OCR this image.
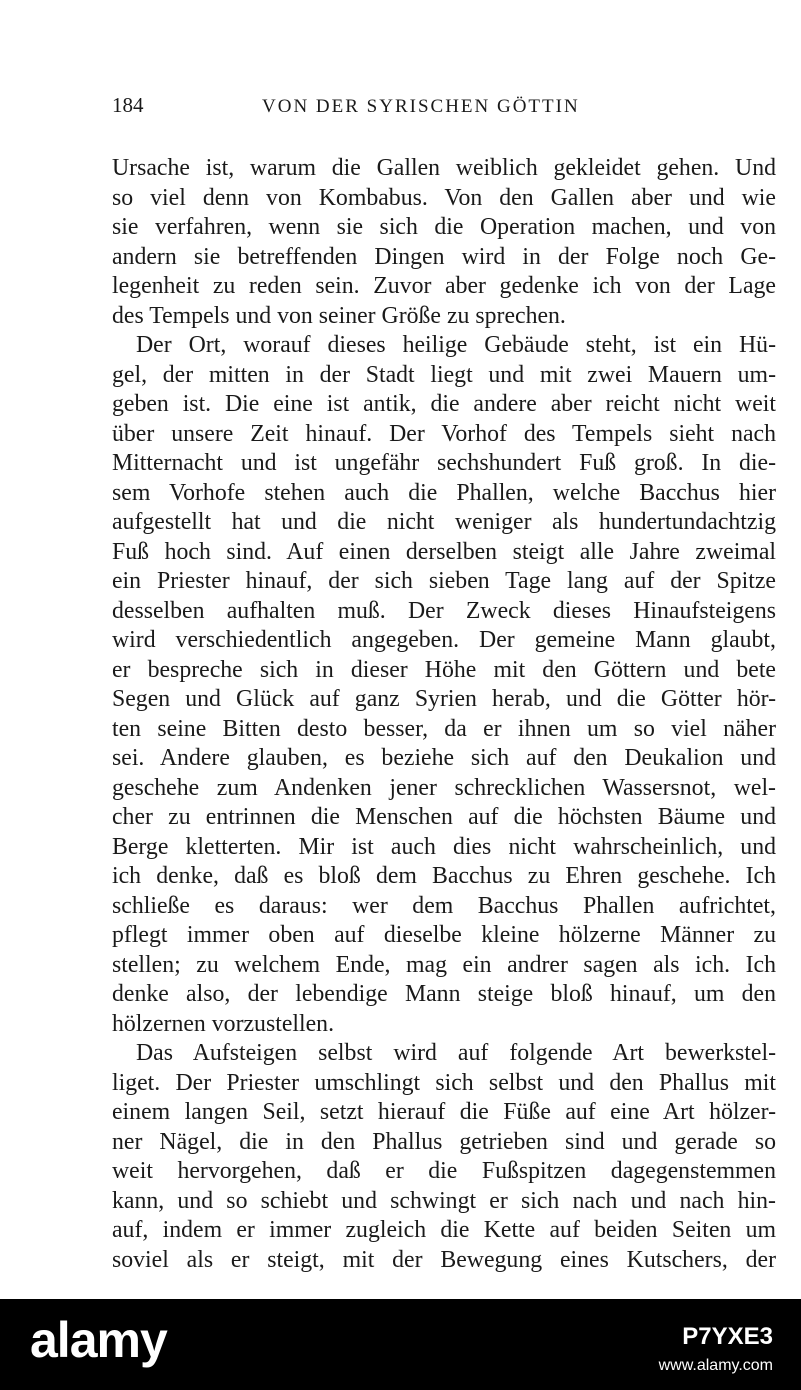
184	VON DER SYRISCHEN GÖTTIN
Ursache ist, warum die Gallen weiblich gekleidet gehen. Und
so viel denn von Kombabus. Von den Gallen aber und wie
sie verfahren, wenn sie sich die Operation machen, und von
andern sie betreffenden Dingen wird in der Folge noch Ge-
legenheit zu reden sein. Zuvor aber gedenke ich von der Lage
des Tempels und von seiner Größe zu sprechen.
Der Ort, worauf dieses heilige Gebäude steht, ist ein Hü-
gel, der mitten in der Stadt liegt und mit zwei Mauern um-
geben ist. Die eine ist antik, die andere aber reicht nicht weit
über unsere Zeit hinauf. Der Vorhof des Tempels sieht nach
Mitternacht und ist ungefähr sechshundert Fuß groß. In die-
sem Vorhofe stehen auch die Phallen, welche Bacchus hier
aufgestellt hat und die nicht weniger als hundertundachtzig
Fuß hoch sind. Auf einen derselben steigt alle Jahre zweimal
ein Priester hinauf, der sich sieben Tage lang auf der Spitze
desselben aufhalten muß. Der Zweck dieses Hinaufsteigens
wird verschiedentlich angegeben. Der gemeine Mann glaubt,
er bespreche sich in dieser Höhe mit den Göttern und bete
Segen und Glück auf ganz Syrien herab, und die Götter hör-
ten seine Bitten desto besser, da er ihnen um so viel näher
sei. Andere glauben, es beziehe sich auf den Deukalion und
geschehe zum Andenken jener schrecklichen Wassersnot, wel-
cher zu entrinnen die Menschen auf die höchsten Bäume und
Berge kletterten. Mir ist auch dies nicht wahrscheinlich, und
ich denke, daß es bloß dem Bacchus zu Ehren geschehe. Ich
schließe es daraus: wer dem Bacchus Phallen aufrichtet,
pflegt immer oben auf dieselbe kleine hölzerne Männer zu
stellen; zu welchem Ende, mag ein andrer sagen als ich. Ich
denke also, der lebendige Mann steige bloß hinauf, um den
hölzernen vorzustellen.
Das Aufsteigen selbst wird auf folgende Art bewerkstel-
liget. Der Priester umschlingt sich selbst und den Phallus mit
einem langen Seil, setzt hierauf die Füße auf eine Art hölzer-
ner Nägel, die in den Phallus getrieben sind und gerade so
weit hervorgehen, daß er die Fußspitzen dagegenstemmen
kann, und so schiebt und schwingt er sich nach und nach hin-
auf, indem er immer zugleich die Kette auf beiden Seiten um
soviel als er steigt, mit der Bewegung eines Kutschers, der
alamy	P7YXE3
www.alamy.com
